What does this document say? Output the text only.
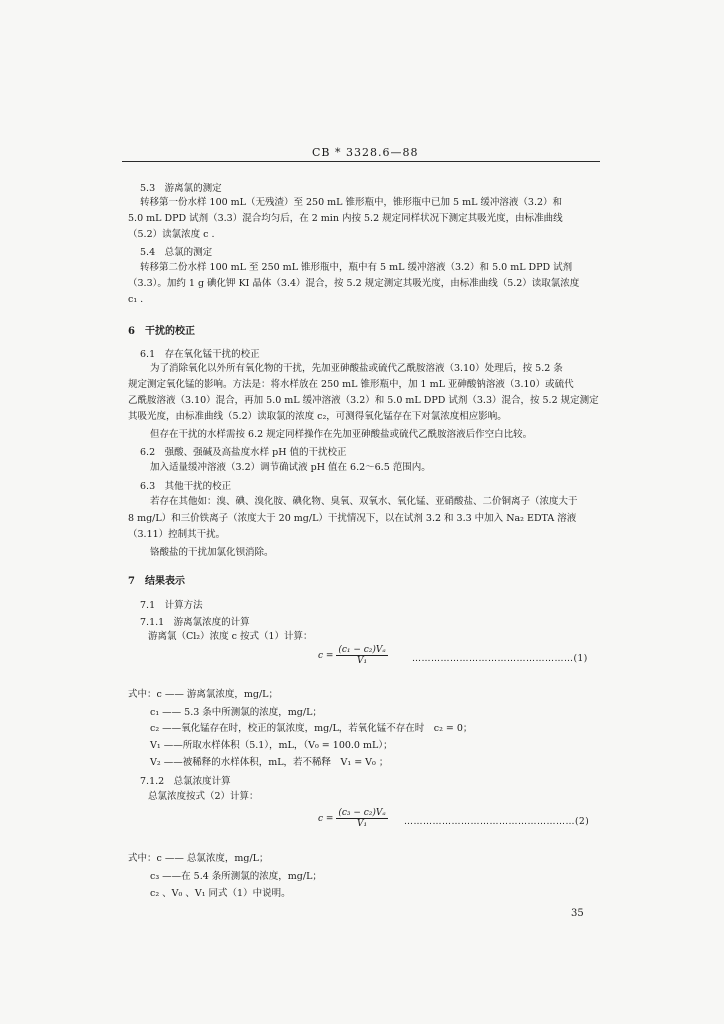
CB * 3328.6—88
5.3　游离氯的测定
转移第一份水样 100 mL（无残渣）至 250 mL 锥形瓶中，锥形瓶中已加 5 mL 缓冲溶液（3.2）和
5.0 mL DPD 试剂（3.3）混合均匀后，在 2 min 内按 5.2 规定同样状况下测定其吸光度，由标准曲线
（5.2）读氯浓度 c .
5.4　总氯的测定
转移第二份水样 100 mL 至 250 mL 锥形瓶中，瓶中有 5 mL 缓冲溶液（3.2）和 5.0 mL DPD 试剂
（3.3）。加约 1 g 碘化钾 KI 晶体（3.4）混合，按 5.2 规定测定其吸光度，由标准曲线（5.2）读取氯浓度
c₁ .
6　干扰的校正
6.1　存在氧化锰干扰的校正
为了消除氧化以外所有氧化物的干扰，先加亚砷酸盐或硫代乙酰胺溶液（3.10）处理后，按 5.2 条
规定测定氧化锰的影响。方法是：将水样放在 250 mL 锥形瓶中，加 1 mL 亚砷酸钠溶液（3.10）或硫代
乙酰胺溶液（3.10）混合，再加 5.0 mL 缓冲溶液（3.2）和 5.0 mL DPD 试剂（3.3）混合，按 5.2 规定测定
其吸光度，由标准曲线（5.2）读取氯的浓度 c₂，可测得氧化锰存在下对氯浓度相应影响。
但存在干扰的水样需按 6.2 规定同样操作在先加亚砷酸盐或硫代乙酰胺溶液后作空白比较。
6.2　强酸、强碱及高盐度水样 pH 值的干扰校正
加入适量缓冲溶液（3.2）调节确试液 pH 值在 6.2～6.5 范围内。
6.3　其他干扰的校正
若存在其他如：溴、碘、溴化胺、碘化物、臭氧、双氧水、氧化锰、亚硝酸盐、二价铜离子（浓度大于
8 mg/L）和三价铁离子（浓度大于 20 mg/L）干扰情况下，以在试剂 3.2 和 3.3 中加入 Na₂ EDTA 溶液
（3.11）控制其干扰。
铬酸盐的干扰加氯化钡消除。
7　结果表示
7.1　计算方法
7.1.1　游离氯浓度的计算
游离氯（Cl₂）浓度 c 按式（1）计算：
$c = \frac{\text{(c₁ − c₂)Vₐ}}{\text{V₁}}$	……………………………………………(1)
式中：c —— 游离氯浓度，mg/L；
c₁ —— 5.3 条中所测氯的浓度，mg/L；
c₂ ——氧化锰存在时，校正的氯浓度，mg/L，若氧化锰不存在时　c₂ = 0；
V₁ ——所取水样体积（5.1），mL，（V₀ = 100.0 mL）；
V₂ ——被稀释的水样体积，mL，若不稀释　V₁ = V₀ ；
7.1.2　总氯浓度计算
总氯浓度按式（2）计算：
$c = \frac{\text{(c₃ − c₂)Vₐ}}{\text{V₁}}$ ………………………………………………(2)
式中：c —— 总氯浓度，mg/L；
c₃ ——在 5.4 条所测氯的浓度，mg/L；
c₂ 、V₀ 、V₁ 同式（1）中说明。
35
